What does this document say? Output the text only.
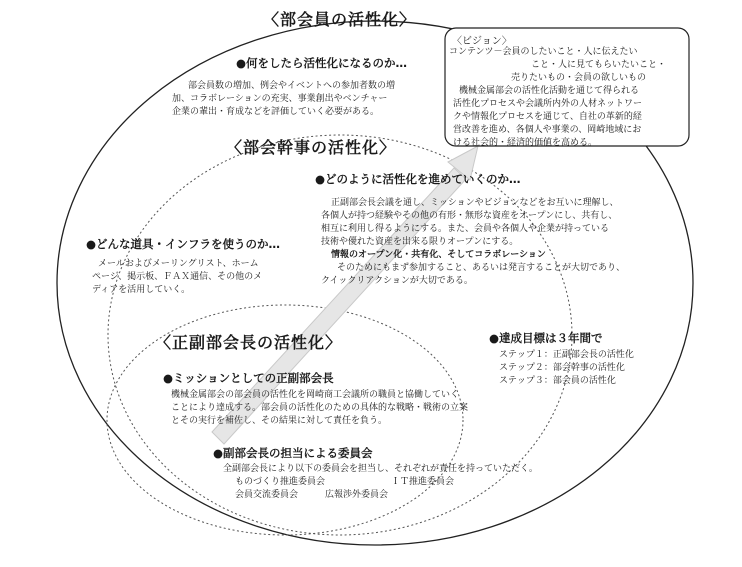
〈部会員の活性化〉
〈部会幹事の活性化〉
〈正副部会長の活性化〉
〈ビジョン〉
コンテンツ－会員のしたいこと・人に伝えたい
こと・人に見てもらいたいこと・
売りたいもの・会員の欲しいもの
機械金属部会の活性化活動を通じて得られる
活性化プロセスや会議所内外の人材ネットワー
クや情報化プロセスを通じて、自社の革新的経
営改善を進め、各個人や事業の、岡崎地域にお
ける社会的・経済的価値を高める。
●何をしたら活性化になるのか…
部会員数の増加、例会やイベントへの参加者数の増
加、コラボレーションの充実、事業創出やベンチャー
企業の輩出・育成などを評価していく必要がある。
●どのように活性化を進めていくのか…
正副部会長会議を通し、ミッションやビジョンなどをお互いに理解し、
各個人が持つ経験やその他の有形・無形な資産をオープンにし、共有し、
相互に利用し得るようにする。また、会員や各個人や企業が持っている
技術や優れた資産を出来る限りオープンにする。
情報のオープン化・共有化、そしてコラボレーション
そのためにもまず参加すること、あるいは発言することが大切であり、
クイックリアクションが大切である。
●どんな道具・インフラを使うのか…
メールおよびメーリングリスト、ホーム
ページ、掲示板、ＦＡＸ通信、その他のメ
ディアを活用していく。
●達成目標は３年間で
ステップ１：正副部会長の活性化
ステップ２：部会幹事の活性化
ステップ３：部会員の活性化
●ミッションとしての正副部会長
機械金属部会の部会員の活性化を岡崎商工会議所の職員と協働していく
ことにより達成する。部会員の活性化のための具体的な戦略・戦術の立案
とその実行を補佐し、その結果に対して責任を負う。
●副部会長の担当による委員会
全副部会長により以下の委員会を担当し、それぞれが責任を持っていただく。
ものづくり推進委員会	ＩＴ推進委員会
会員交流委員会	広報渉外委員会
